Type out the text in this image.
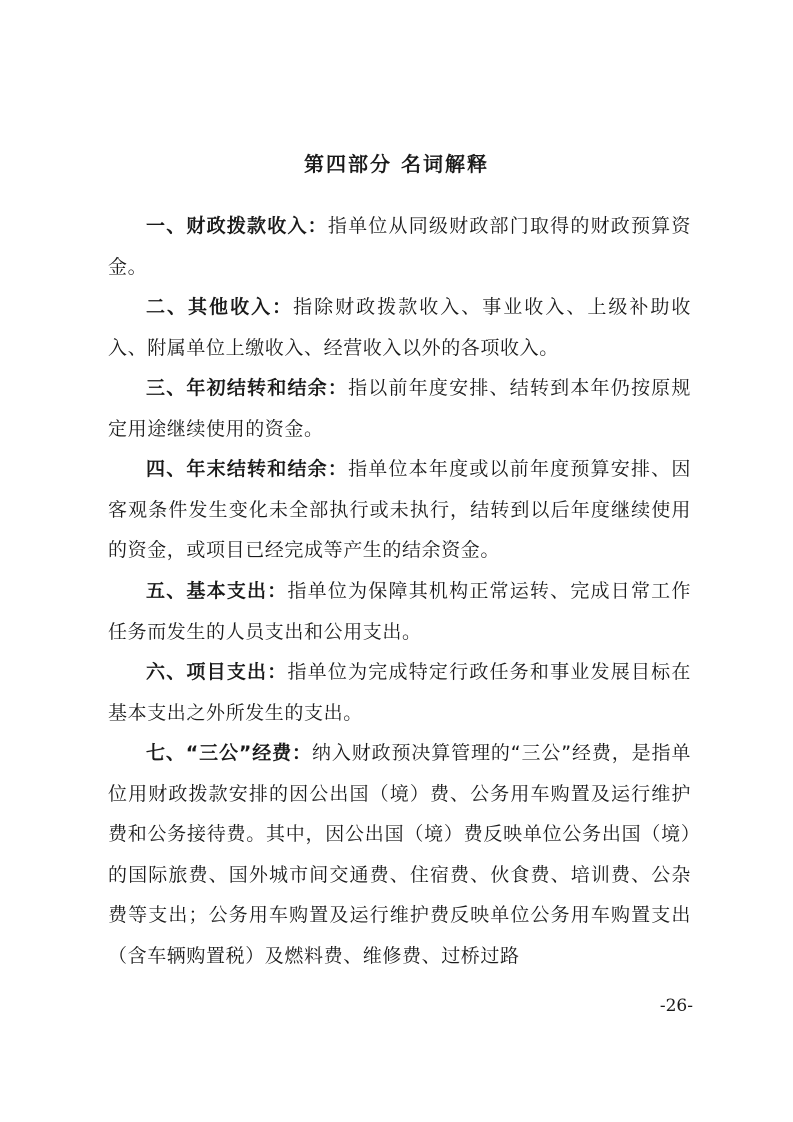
第四部分 名词解释

一、财政拨款收入：指单位从同级财政部门取得的财政预算资金。

二、其他收入：指除财政拨款收入、事业收入、上级补助收入、附属单位上缴收入、经营收入以外的各项收入。

三、年初结转和结余：指以前年度安排、结转到本年仍按原规定用途继续使用的资金。

四、年末结转和结余：指单位本年度或以前年度预算安排、因客观条件发生变化未全部执行或未执行，结转到以后年度继续使用的资金，或项目已经完成等产生的结余资金。

五、基本支出：指单位为保障其机构正常运转、完成日常工作任务而发生的人员支出和公用支出。

六、项目支出：指单位为完成特定行政任务和事业发展目标在基本支出之外所发生的支出。

七、“三公”经费：纳入财政预决算管理的“三公”经费，是指单位用财政拨款安排的因公出国（境）费、公务用车购置及运行维护费和公务接待费。其中，因公出国（境）费反映单位公务出国（境）的国际旅费、国外城市间交通费、住宿费、伙食费、培训费、公杂费等支出；公务用车购置及运行维护费反映单位公务用车购置支出（含车辆购置税）及燃料费、维修费、过桥过路

-26-
